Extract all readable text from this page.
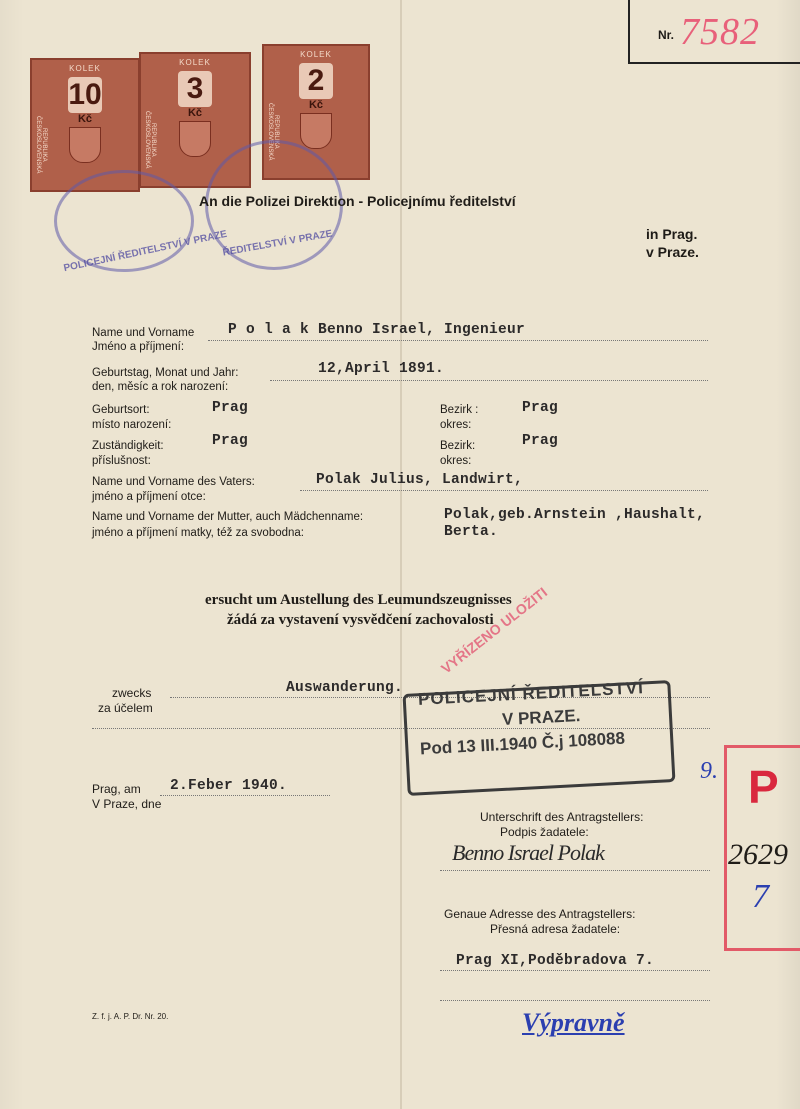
Nr. 7582
KOLEK
10
Kč
REPUBLIKA ČESKOSLOVENSKÁ
KOLEK
3
Kč
REPUBLIKA ČESKOSLOVENSKÁ
KOLEK
2
Kč
REPUBLIKA ČESKOSLOVENSKÁ
POLICEJNÍ ŘEDITELSTVÍ V PRAZE
ŘEDITELSTVÍ V PRAZE
An die Polizei Direktion - Policejnímu ředitelství
in Prag.
v Praze.
Name und Vorname
Jméno a příjmení:
P o l a k Benno Israel, Ingenieur
Geburtstag, Monat und Jahr:
den, měsíc a rok narození:
12,April 1891.
Geburtsort:
místo narození:
Prag	Bezirk :
okres:
Prag
Zuständigkeit:
příslušnost:
Prag	Bezirk:
okres:
Prag
Name und Vorname des Vaters:
jméno a příjmení otce:
Polak Julius, Landwirt,
Name und Vorname der Mutter, auch Mädchenname:
jméno a příjmení matky, též za svobodna:
Polak,geb.Arnstein ,Haushalt,
Berta.
ersucht um Austellung des Leumundszeugnisses
žádá za vystavení vysvědčení zachovalosti
zwecks
za účelem
Auswanderung. POLICEJNÍ ŘEDITELSTVÍ
V PRAZE.
Pod 13 III.1940 Č.j 108088
VYŘÍZENO ULOŽITI
Prag, am
V Praze, dne
2.Feber 1940.
Unterschrift des Antragstellers:
Podpis žadatele:
Benno Israel Polak
Genaue Adresse des Antragstellers:
Přesná adresa žadatele:
Prag XI,Poděbradova 7.
Z. f. j. A. P. Dr. Nr. 20.	Výpravně
P
2629
7
9.
